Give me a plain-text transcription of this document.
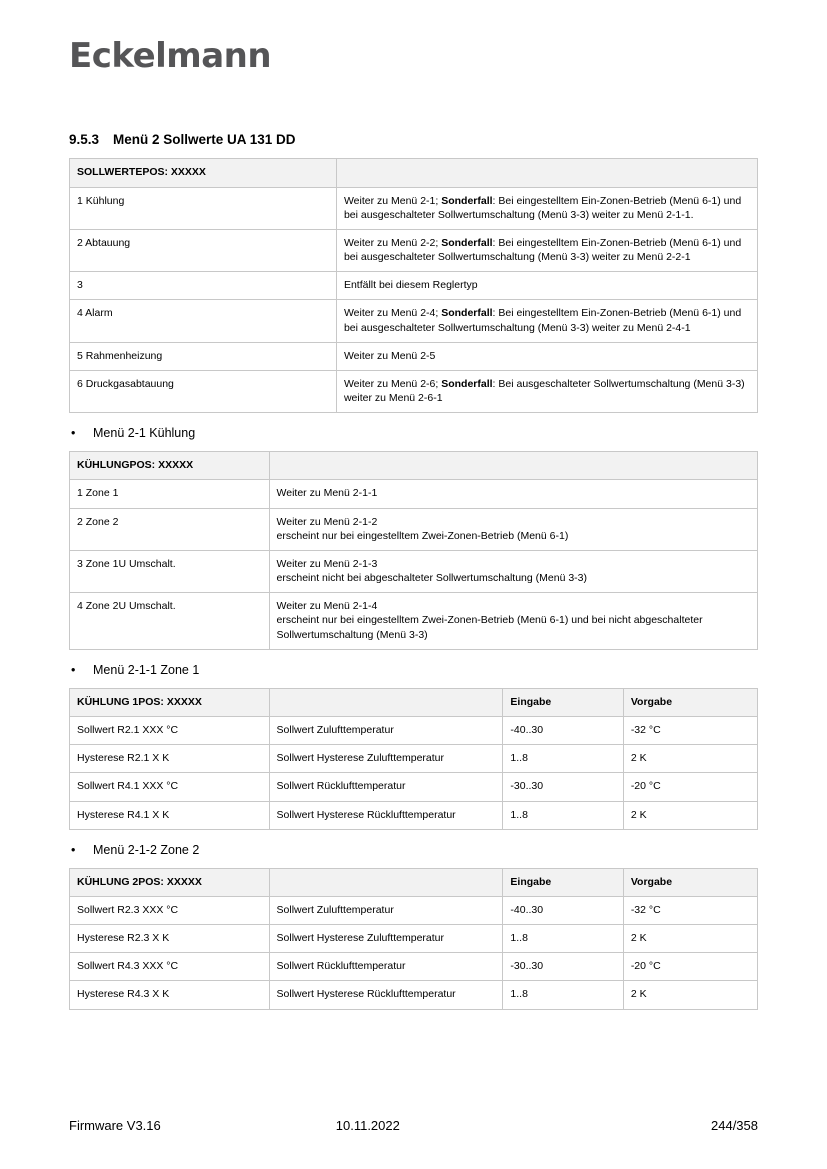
Eckelmann
9.5.3 Menü 2 Sollwerte UA 131 DD
SOLLWERTEPOS: XXXXX	
1 Kühlung	Weiter zu Menü 2-1; Sonderfall: Bei eingestelltem Ein-Zonen-Betrieb (Menü 6-1) und bei ausgeschalteter Sollwertumschaltung (Menü 3-3) weiter zu Menü 2-1-1.
2 Abtauung	Weiter zu Menü 2-2; Sonderfall: Bei eingestelltem Ein-Zonen-Betrieb (Menü 6-1) und bei ausgeschalteter Sollwertumschaltung (Menü 3-3) weiter zu Menü 2-2-1
3	Entfällt bei diesem Reglertyp
4 Alarm	Weiter zu Menü 2-4; Sonderfall: Bei eingestelltem Ein-Zonen-Betrieb (Menü 6-1) und bei ausgeschalteter Sollwertumschaltung (Menü 3-3) weiter zu Menü 2-4-1
5 Rahmenheizung	Weiter zu Menü 2-5
6 Druckgasabtauung	Weiter zu Menü 2-6; Sonderfall: Bei ausgeschalteter Sollwertumschaltung (Menü 3-3) weiter zu Menü 2-6-1
• Menü 2-1 Kühlung
KÜHLUNGPOS: XXXXX	
1 Zone 1	Weiter zu Menü 2-1-1
2 Zone 2	Weiter zu Menü 2-1-2
erscheint nur bei eingestelltem Zwei-Zonen-Betrieb (Menü 6-1)
3 Zone 1U Umschalt.	Weiter zu Menü 2-1-3
erscheint nicht bei abgeschalteter Sollwertumschaltung (Menü 3-3)
4 Zone 2U Umschalt.	Weiter zu Menü 2-1-4
erscheint nur bei eingestelltem Zwei-Zonen-Betrieb (Menü 6-1) und bei nicht abgeschalteter Sollwertumschaltung (Menü 3-3)
• Menü 2-1-1 Zone 1
KÜHLUNG 1POS: XXXXX		Eingabe	Vorgabe
Sollwert R2.1 XXX °C	Sollwert Zulufttemperatur	-40..30	-32 °C
Hysterese R2.1 X K	Sollwert Hysterese Zulufttemperatur	1..8	2 K
Sollwert R4.1 XXX °C	Sollwert Rücklufttemperatur	-30..30	-20 °C
Hysterese R4.1 X K	Sollwert Hysterese Rücklufttemperatur	1..8	2 K
• Menü 2-1-2 Zone 2
KÜHLUNG 2POS: XXXXX		Eingabe	Vorgabe
Sollwert R2.3 XXX °C	Sollwert Zulufttemperatur	-40..30	-32 °C
Hysterese R2.3 X K	Sollwert Hysterese Zulufttemperatur	1..8	2 K
Sollwert R4.3 XXX °C	Sollwert Rücklufttemperatur	-30..30	-20 °C
Hysterese R4.3 X K	Sollwert Hysterese Rücklufttemperatur	1..8	2 K
Firmware V3.16	10.11.2022	244/358
